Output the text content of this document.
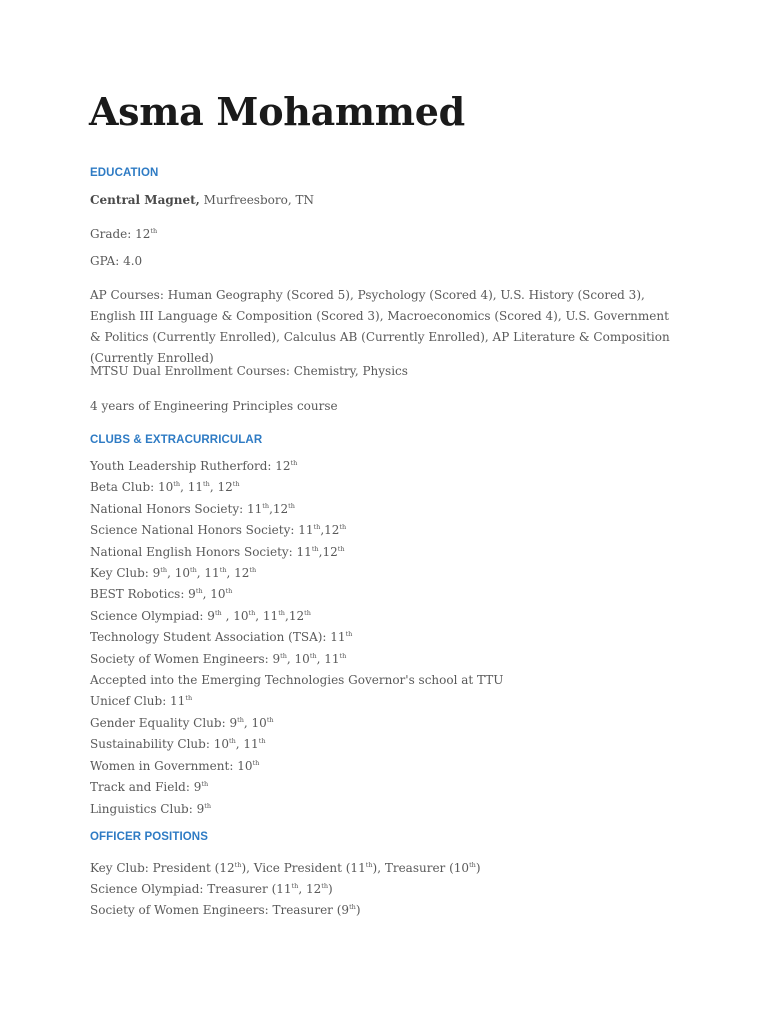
Asma Mohammed
EDUCATION

Central Magnet, Murfreesboro, TN

Grade: 12th

GPA: 4.0

AP Courses: Human Geography (Scored 5), Psychology (Scored 4), U.S. History (Scored 3), English III Language & Composition (Scored 3), Macroeconomics (Scored 4), U.S. Government & Politics (Currently Enrolled), Calculus AB (Currently Enrolled), AP Literature & Composition (Currently Enrolled)

MTSU Dual Enrollment Courses: Chemistry, Physics

4 years of Engineering Principles course

CLUBS & EXTRACURRICULAR
Youth Leadership Rutherford: 12th
Beta Club: 10th, 11th, 12th
National Honors Society: 11th,12th
Science National Honors Society: 11th,12th
National English Honors Society: 11th,12th
Key Club: 9th, 10th, 11th, 12th
BEST Robotics: 9th, 10th
Science Olympiad: 9th , 10th, 11th,12th
Technology Student Association (TSA): 11th
Society of Women Engineers: 9th, 10th, 11th
Accepted into the Emerging Technologies Governor's school at TTU
Unicef Club: 11th
Gender Equality Club: 9th, 10th
Sustainability Club: 10th, 11th
Women in Government: 10th
Track and Field: 9th
Linguistics Club: 9th
OFFICER POSITIONS
Key Club: President (12th), Vice President (11th), Treasurer (10th)
Science Olympiad: Treasurer (11th, 12th)
Society of Women Engineers: Treasurer (9th)
